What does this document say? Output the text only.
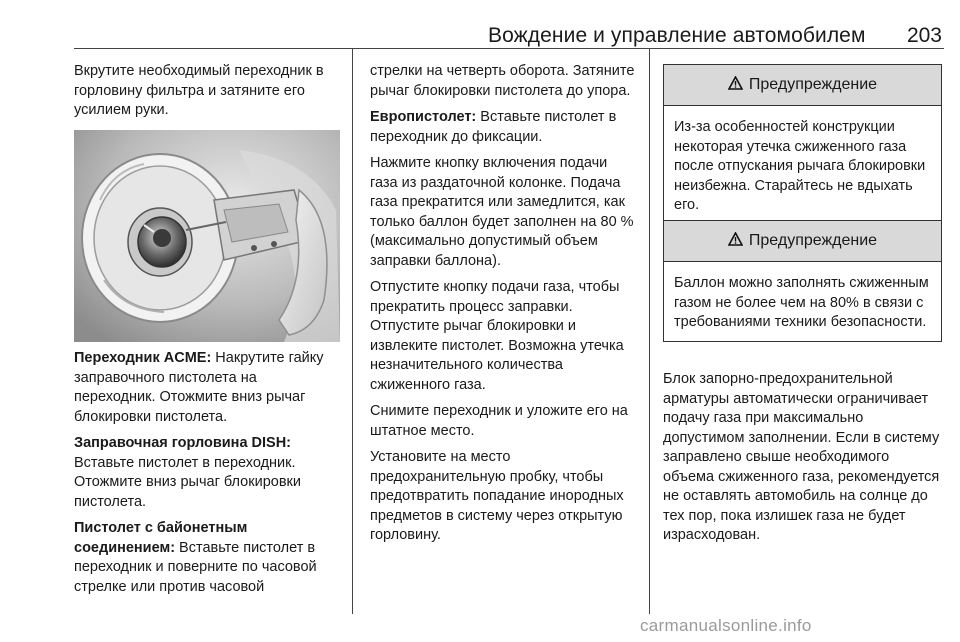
Вождение и управление автомобилем	203

Вкрутите необходимый переходник в горловину фильтра и затяните его усилием руки.

Переходник ACME: Накрутите гайку заправочного пистолета на переходник. Отожмите вниз рычаг блокировки пистолета.

Заправочная горловина DISH:

Вставьте пистолет в переходник. Отожмите вниз рычаг блокировки пистолета.

Пистолет с байонетным соединением: Вставьте пистолет в переходник и поверните по часовой стрелке или против часовой

стрелки на четверть оборота. Затяните рычаг блокировки пистолета до упора.

Европистолет: Вставьте пистолет в переходник до фиксации.

Нажмите кнопку включения подачи газа из раздаточной колонке. Подача газа прекратится или замедлится, как только баллон будет заполнен на 80 % (максимально допустимый объем заправки баллона).

Отпустите кнопку подачи газа, чтобы прекратить процесс заправки. Отпустите рычаг блокировки и извлеките пистолет. Возможна утечка незначительного количества сжиженного газа.

Снимите переходник и уложите его на штатное место.

Установите на место предохранительную пробку, чтобы предотвратить попадание инородных предметов в систему через открытую горловину.

Предупреждение
Из-за особенностей конструкции некоторая утечка сжиженного газа после отпускания рычага блокировки неизбежна. Старайтесь не вдыхать его.
Предупреждение
Баллон можно заполнять сжиженным газом не более чем на 80% в связи с требованиями техники безопасности.

Блок запорно-предохранительной арматуры автоматически ограничивает подачу газа при максимально допустимом заполнении. Если в систему заправлено свыше необходимого объема сжиженного газа, рекомендуется не оставлять автомобиль на солнце до тех пор, пока излишек газа не будет израсходован.

carmanualsonline.info
